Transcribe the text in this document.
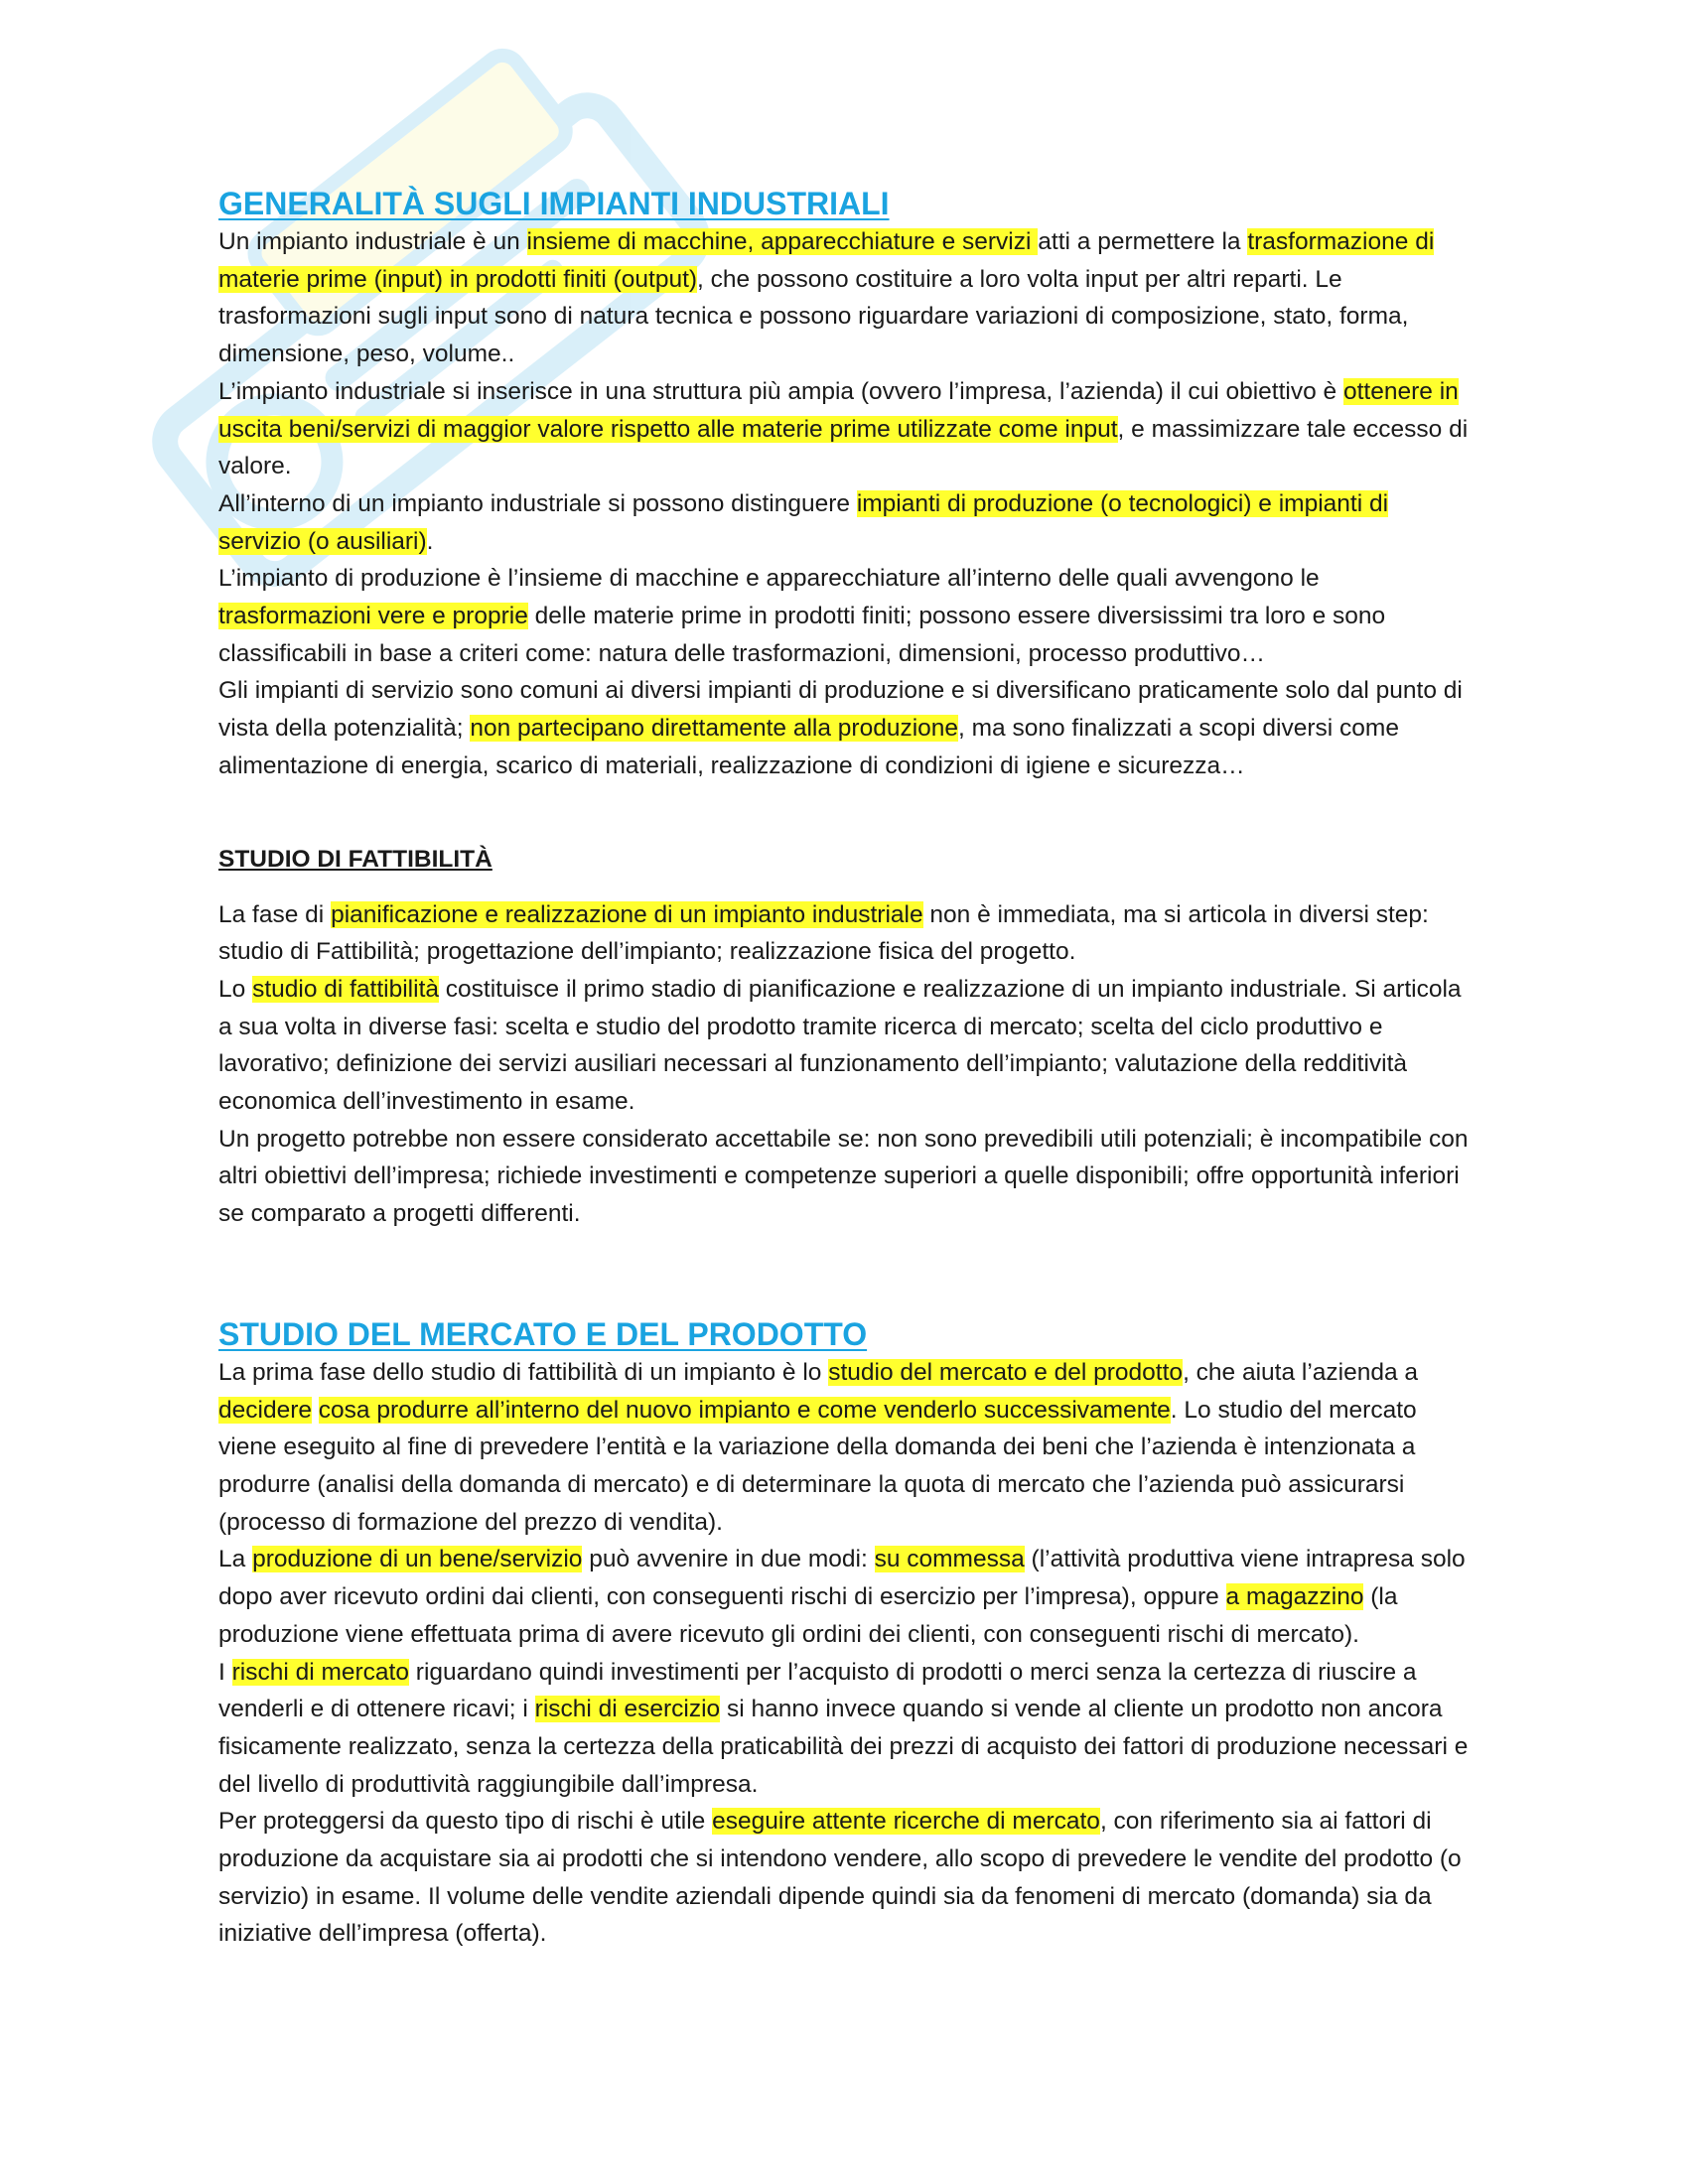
GENERALITÀ SUGLI IMPIANTI INDUSTRIALI

Un impianto industriale è un insieme di macchine, apparecchiature e servizi atti a permettere la trasformazione di materie prime (input) in prodotti finiti (output), che possono costituire a loro volta input per altri reparti. Le trasformazioni sugli input sono di natura tecnica e possono riguardare variazioni di composizione, stato, forma, dimensione, peso, volume..

L’impianto industriale si inserisce in una struttura più ampia (ovvero l’impresa, l’azienda) il cui obiettivo è ottenere in uscita beni/servizi di maggior valore rispetto alle materie prime utilizzate come input, e massimizzare tale eccesso di valore.

All’interno di un impianto industriale si possono distinguere impianti di produzione (o tecnologici) e impianti di servizio (o ausiliari).

L’impianto di produzione è l’insieme di macchine e apparecchiature all’interno delle quali avvengono le trasformazioni vere e proprie delle materie prime in prodotti finiti; possono essere diversissimi tra loro e sono classificabili in base a criteri come: natura delle trasformazioni, dimensioni, processo produttivo…

Gli impianti di servizio sono comuni ai diversi impianti di produzione e si diversificano praticamente solo dal punto di vista della potenzialità; non partecipano direttamente alla produzione, ma sono finalizzati a scopi diversi come alimentazione di energia, scarico di materiali, realizzazione di condizioni di igiene e sicurezza…

STUDIO DI FATTIBILITÀ

La fase di pianificazione e realizzazione di un impianto industriale non è immediata, ma si articola in diversi step: studio di Fattibilità; progettazione dell’impianto; realizzazione fisica del progetto.

Lo studio di fattibilità costituisce il primo stadio di pianificazione e realizzazione di un impianto industriale. Si articola a sua volta in diverse fasi: scelta e studio del prodotto tramite ricerca di mercato; scelta del ciclo produttivo e lavorativo; definizione dei servizi ausiliari necessari al funzionamento dell’impianto; valutazione della redditività economica dell’investimento in esame.

Un progetto potrebbe non essere considerato accettabile se: non sono prevedibili utili potenziali; è incompatibile con altri obiettivi dell’impresa; richiede investimenti e competenze superiori a quelle disponibili; offre opportunità inferiori se comparato a progetti differenti.

STUDIO DEL MERCATO E DEL PRODOTTO

La prima fase dello studio di fattibilità di un impianto è lo studio del mercato e del prodotto, che aiuta l’azienda a decidere cosa produrre all’interno del nuovo impianto e come venderlo successivamente. Lo studio del mercato viene eseguito al fine di prevedere l’entità e la variazione della domanda dei beni che l’azienda è intenzionata a produrre (analisi della domanda di mercato) e di determinare la quota di mercato che l’azienda può assicurarsi (processo di formazione del prezzo di vendita).

La produzione di un bene/servizio può avvenire in due modi: su commessa (l’attività produttiva viene intrapresa solo dopo aver ricevuto ordini dai clienti, con conseguenti rischi di esercizio per l’impresa), oppure a magazzino (la produzione viene effettuata prima di avere ricevuto gli ordini dei clienti, con conseguenti rischi di mercato).

I rischi di mercato riguardano quindi investimenti per l’acquisto di prodotti o merci senza la certezza di riuscire a venderli e di ottenere ricavi; i rischi di esercizio si hanno invece quando si vende al cliente un prodotto non ancora fisicamente realizzato, senza la certezza della praticabilità dei prezzi di acquisto dei fattori di produzione necessari e del livello di produttività raggiungibile dall’impresa.

Per proteggersi da questo tipo di rischi è utile eseguire attente ricerche di mercato, con riferimento sia ai fattori di produzione da acquistare sia ai prodotti che si intendono vendere, allo scopo di prevedere le vendite del prodotto (o servizio) in esame. Il volume delle vendite aziendali dipende quindi sia da fenomeni di mercato (domanda) sia da iniziative dell’impresa (offerta).
